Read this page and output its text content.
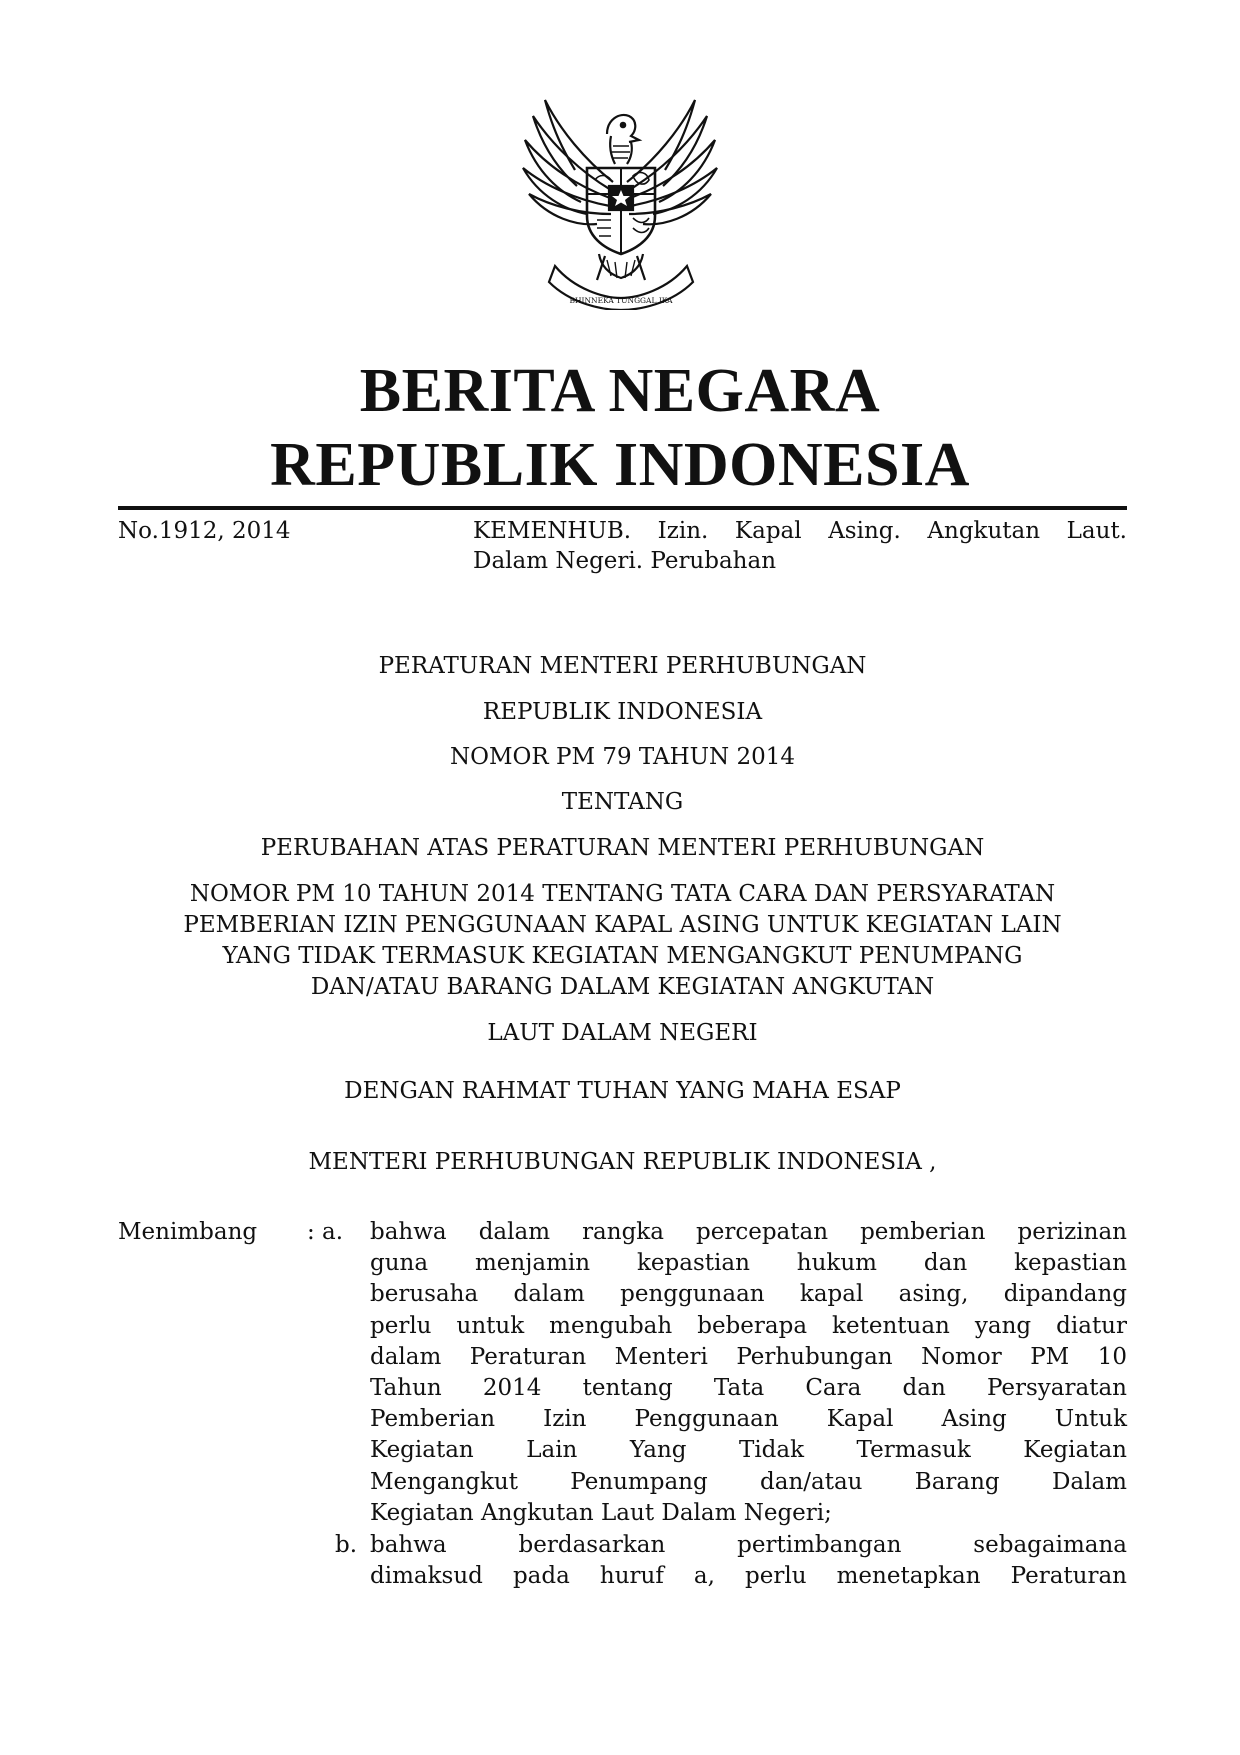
BHINNEKA TUNGGAL IKA
BERITA NEGARA
REPUBLIK INDONESIA
No.1912, 2014	KEMENHUB. Izin. Kapal Asing. Angkutan Laut.
Dalam Negeri. Perubahan
PERATURAN MENTERI PERHUBUNGAN
REPUBLIK INDONESIA
NOMOR PM 79 TAHUN 2014
TENTANG
PERUBAHAN ATAS PERATURAN MENTERI PERHUBUNGAN
NOMOR PM 10 TAHUN 2014 TENTANG TATA CARA DAN PERSYARATAN
PEMBERIAN IZIN PENGGUNAAN KAPAL ASING UNTUK KEGIATAN LAIN
YANG TIDAK TERMASUK KEGIATAN MENGANGKUT PENUMPANG
DAN/ATAU BARANG DALAM KEGIATAN ANGKUTAN
LAUT DALAM NEGERI
DENGAN RAHMAT TUHAN YANG MAHA ESAP
MENTERI PERHUBUNGAN REPUBLIK INDONESIA ,
Menimbang : a. bahwa dalam rangka percepatan pemberian perizinan
guna menjamin kepastian hukum dan kepastian
berusaha dalam penggunaan kapal asing, dipandang
perlu untuk mengubah beberapa ketentuan yang diatur
dalam Peraturan Menteri Perhubungan Nomor PM 10
Tahun 2014 tentang Tata Cara dan Persyaratan
Pemberian Izin Penggunaan Kapal Asing Untuk
Kegiatan Lain Yang Tidak Termasuk Kegiatan
Mengangkut Penumpang dan/atau Barang Dalam
Kegiatan Angkutan Laut Dalam Negeri;
b. bahwa berdasarkan pertimbangan sebagaimana
dimaksud pada huruf a, perlu menetapkan Peraturan
